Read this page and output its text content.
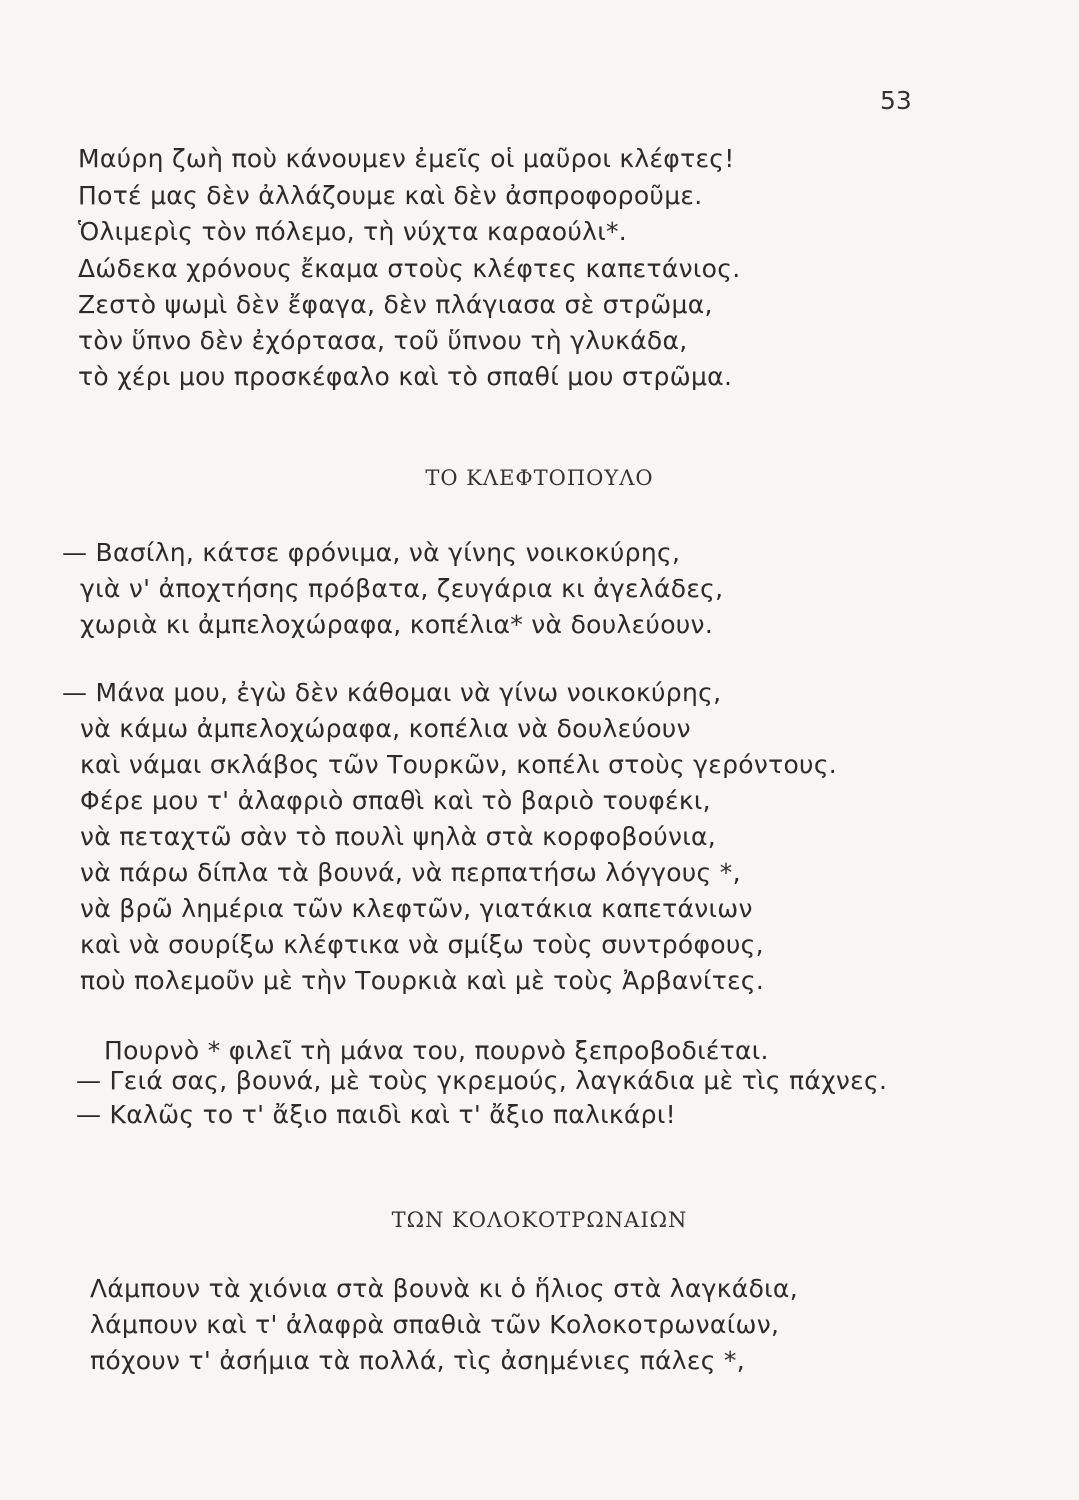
53
Μαύρη ζωὴ ποὺ κάνουμεν ἐμεῖς οἱ μαῦροι κλέφτες!
Ποτέ μας δὲν ἀλλάζουμε καὶ δὲν ἀσπροφοροῦμε.
Ὁλιμερὶς τὸν πόλεμο, τὴ νύχτα καραούλι*.
Δώδεκα χρόνους ἔκαμα στοὺς κλέφτες καπετάνιος.
Ζεστὸ ψωμὶ δὲν ἔφαγα, δὲν πλάγιασα σὲ στρῶμα,
τὸν ὕπνο δὲν ἐχόρτασα, τοῦ ὕπνου τὴ γλυκάδα,
τὸ χέρι μου προσκέφαλο καὶ τὸ σπαθί μου στρῶμα.
ΤΟ ΚΛΕΦΤΟΠΟΥΛΟ
— Βασίλη, κάτσε φρόνιμα, νὰ γίνης νοικοκύρης,
γιὰ ν' ἀποχτήσης πρόβατα, ζευγάρια κι ἀγελάδες,
χωριὰ κι ἀμπελοχώραφα, κοπέλια* νὰ δουλεύουν.
— Μάνα μου, ἐγὼ δὲν κάθομαι νὰ γίνω νοικοκύρης,
νὰ κάμω ἀμπελοχώραφα, κοπέλια νὰ δουλεύουν
καὶ νάμαι σκλάβος τῶν Τουρκῶν, κοπέλι στοὺς γερόντους.
Φέρε μου τ' ἀλαφριὸ σπαθὶ καὶ τὸ βαριὸ τουφέκι,
νὰ πεταχτῶ σὰν τὸ πουλὶ ψηλὰ στὰ κορφοβούνια,
νὰ πάρω δίπλα τὰ βουνά, νὰ περπατήσω λόγγους *,
νὰ βρῶ λημέρια τῶν κλεφτῶν, γιατάκια καπετάνιων
καὶ νὰ σουρίξω κλέφτικα νὰ σμίξω τοὺς συντρόφους,
ποὺ πολεμοῦν μὲ τὴν Τουρκιὰ καὶ μὲ τοὺς Ἀρβανίτες.
Πουρνὸ * φιλεῖ τὴ μάνα του, πουρνὸ ξεπροβοδιέται.
— Γειά σας, βουνά, μὲ τοὺς γκρεμούς, λαγκάδια μὲ τὶς πάχνες.
— Καλῶς το τ' ἄξιο παιδὶ καὶ τ' ἄξιο παλικάρι!
ΤΩΝ ΚΟΛΟΚΟΤΡΩΝΑΙΩΝ
Λάμπουν τὰ χιόνια στὰ βουνὰ κι ὁ ἥλιος στὰ λαγκάδια,
λάμπουν καὶ τ' ἀλαφρὰ σπαθιὰ τῶν Κολοκοτρωναίων,
πόχουν τ' ἀσήμια τὰ πολλά, τὶς ἀσημένιες πάλες *,
